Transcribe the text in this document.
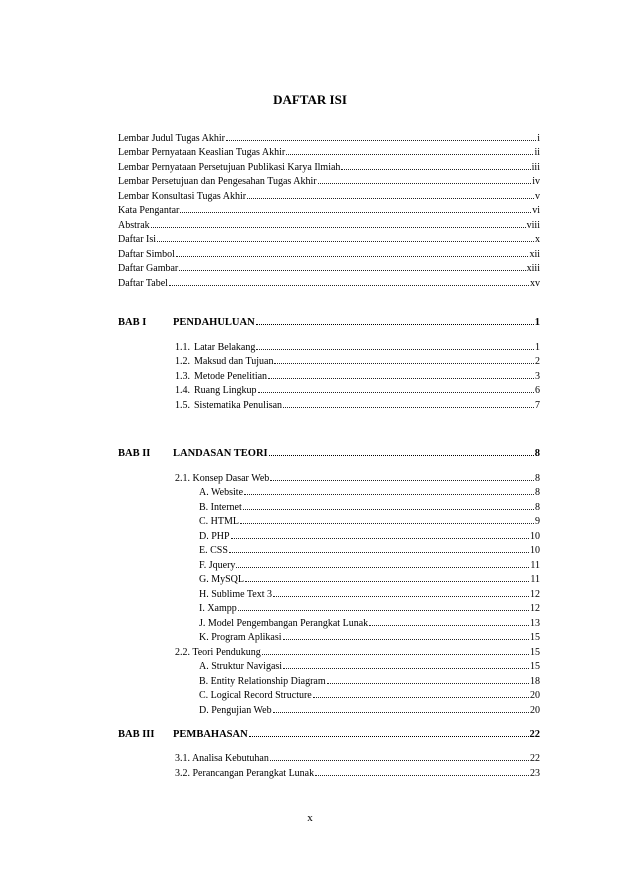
DAFTAR ISI
Lembar Judul Tugas Akhir	i
Lembar Pernyataan Keaslian Tugas Akhir	ii
Lembar Pernyataan Persetujuan Publikasi Karya Ilmiah	iii
Lembar Persetujuan dan Pengesahan Tugas Akhir	iv
Lembar Konsultasi Tugas Akhir	v
Kata Pengantar	vi
Abstrak	viii
Daftar Isi	x
Daftar Simbol	xii
Daftar Gambar	xiii
Daftar Tabel	xv
BAB I	PENDAHULUAN	1
1.1. Latar Belakang	1
1.2. Maksud dan Tujuan	2
1.3. Metode Penelitian	3
1.4. Ruang Lingkup	6
1.5. Sistematika Penulisan	7
BAB II	LANDASAN TEORI	8
2.1. Konsep Dasar Web	8
A. Website	8
B. Internet	8
C. HTML	9
D. PHP	10
E. CSS	10
F. Jquery	11
G. MySQL	11
H. Sublime Text 3	12
I. Xampp	12
J. Model Pengembangan Perangkat Lunak	13
K. Program Aplikasi	15
2.2. Teori Pendukung	15
A. Struktur Navigasi	15
B. Entity Relationship Diagram	18
C. Logical Record Structure	20
D. Pengujian Web	20
BAB III	PEMBAHASAN	22
3.1. Analisa Kebutuhan	22
3.2. Perancangan Perangkat Lunak	23
x
